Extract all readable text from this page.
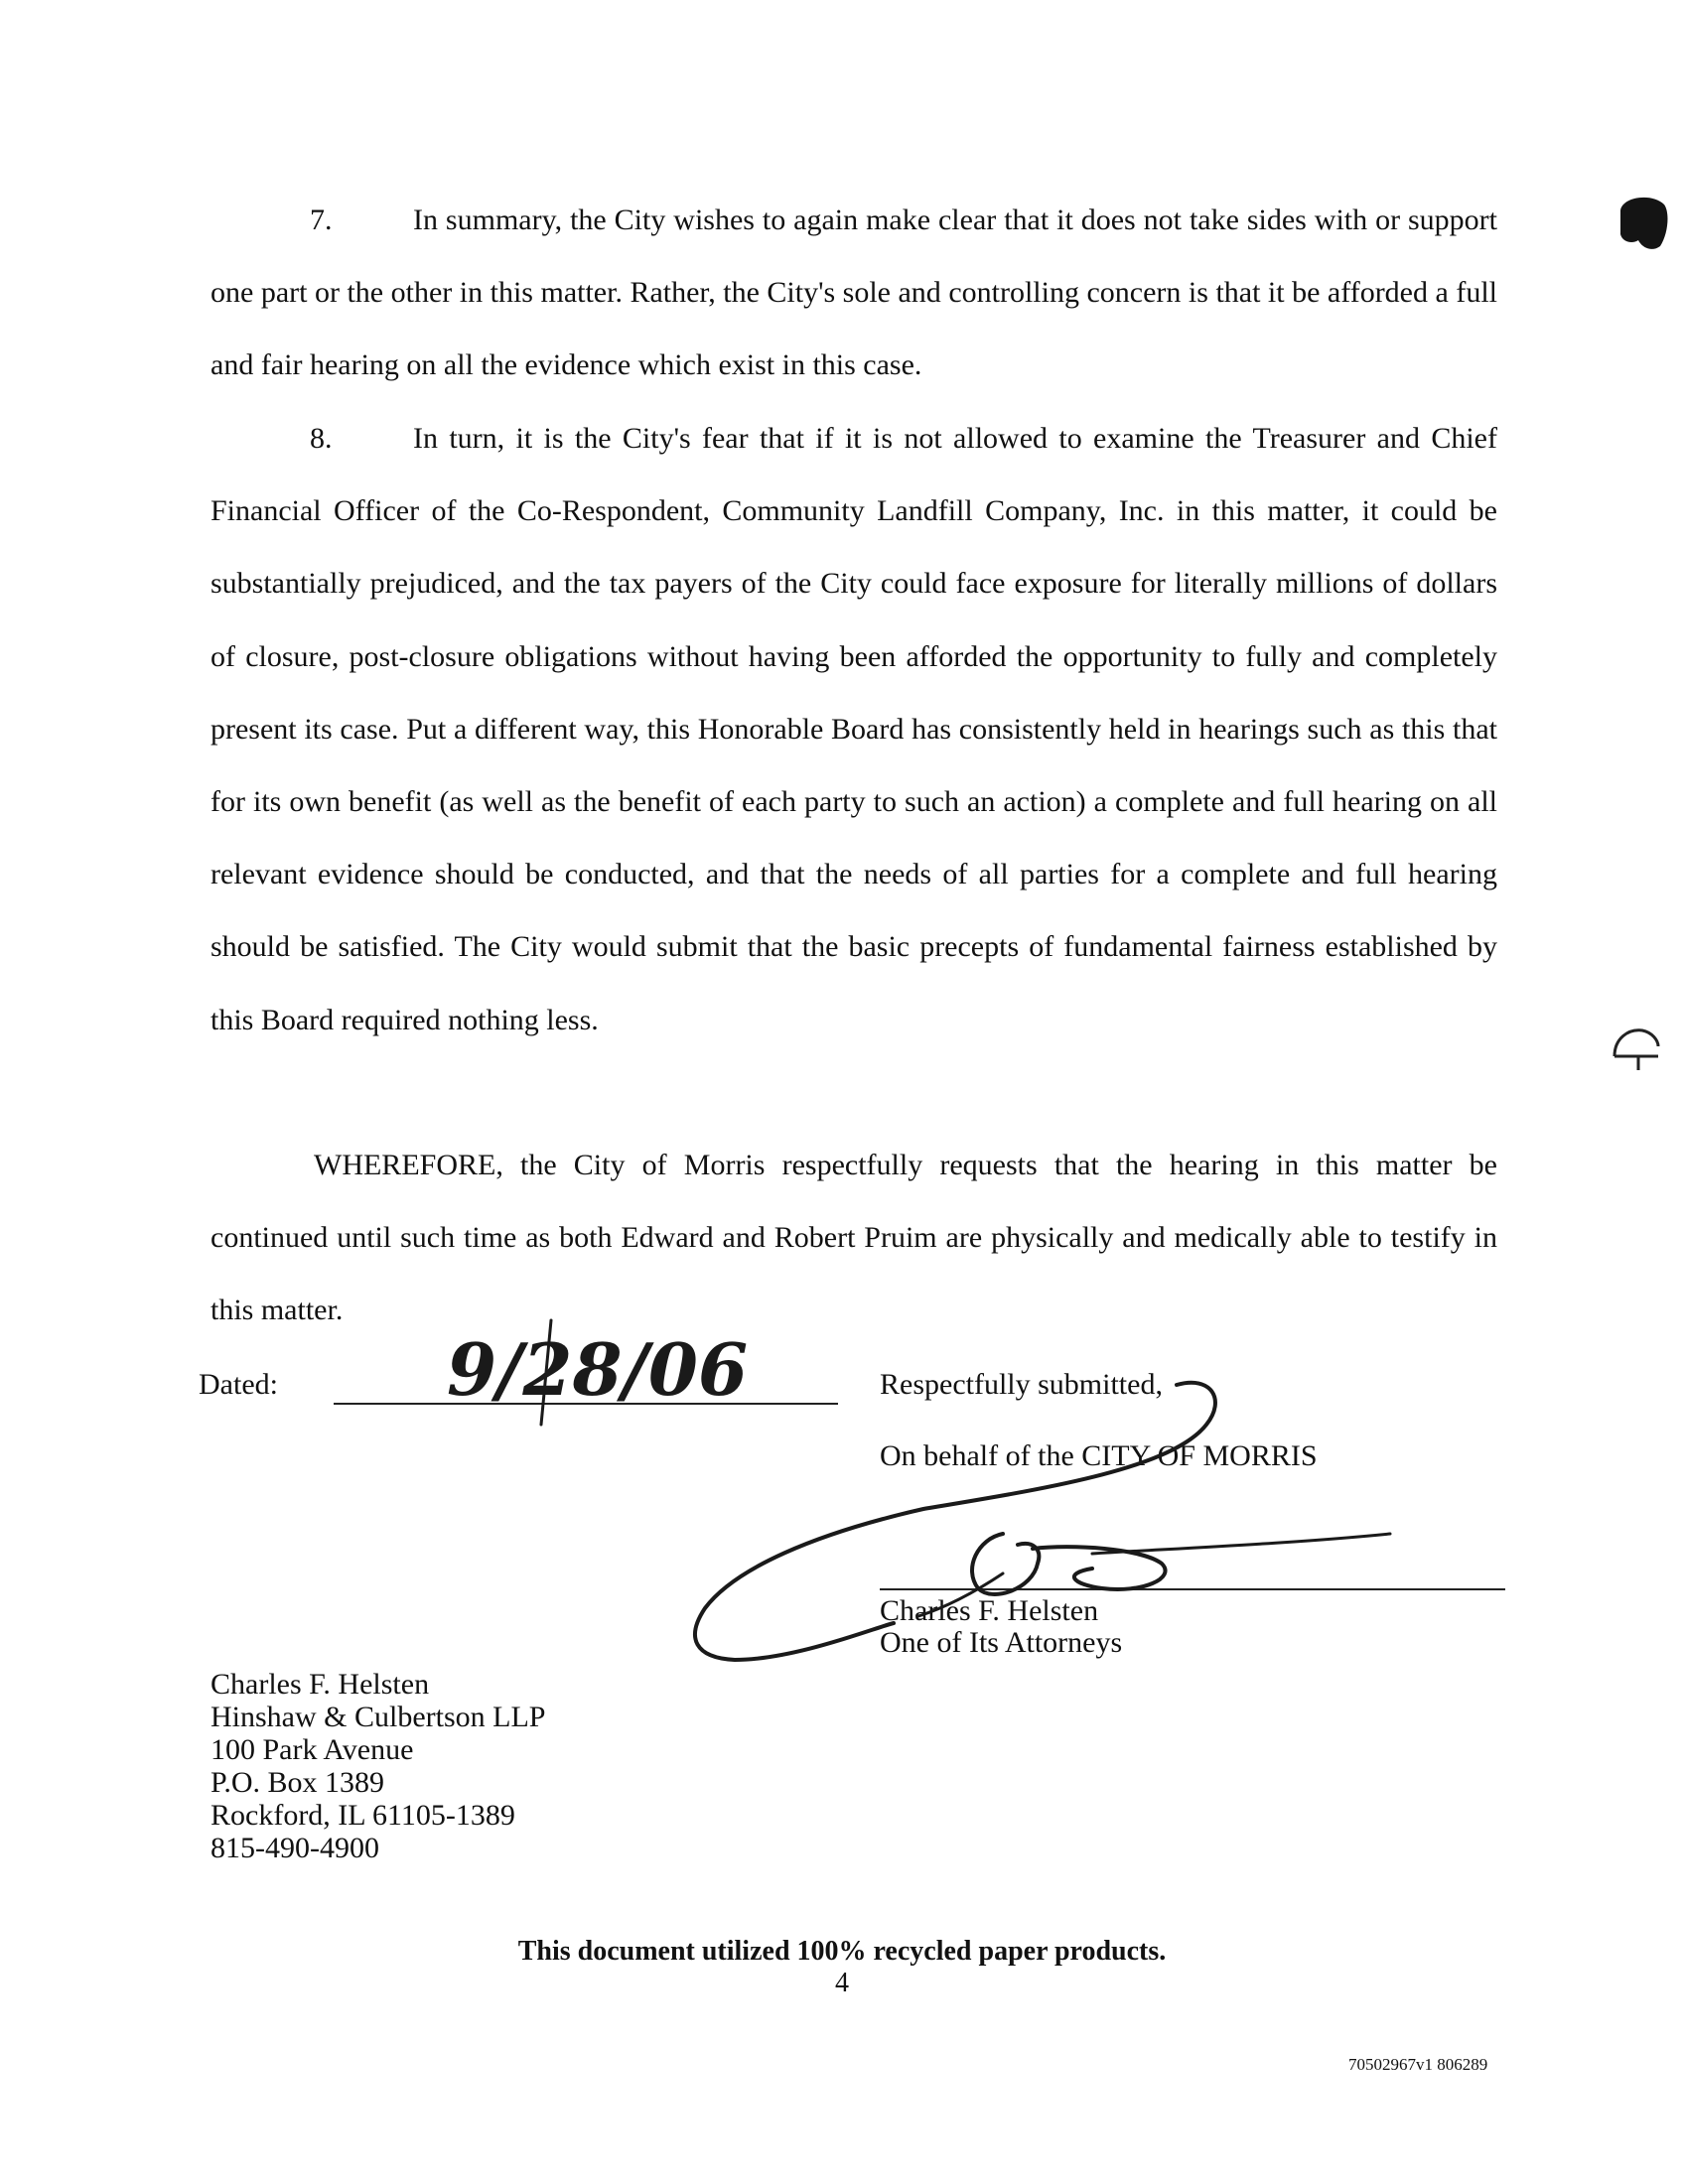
7.	In summary, the City wishes to again make clear that it does not take sides with or support one part or the other in this matter. Rather, the City's sole and controlling concern is that it be afforded a full and fair hearing on all the evidence which exist in this case.

8.	In turn, it is the City's fear that if it is not allowed to examine the Treasurer and Chief Financial Officer of the Co-Respondent, Community Landfill Company, Inc. in this matter, it could be substantially prejudiced, and the tax payers of the City could face exposure for literally millions of dollars of closure, post-closure obligations without having been afforded the opportunity to fully and completely present its case. Put a different way, this Honorable Board has consistently held in hearings such as this that for its own benefit (as well as the benefit of each party to such an action) a complete and full hearing on all relevant evidence should be conducted, and that the needs of all parties for a complete and full hearing should be satisfied. The City would submit that the basic precepts of fundamental fairness established by this Board required nothing less.

WHEREFORE, the City of Morris respectfully requests that the hearing in this matter be continued until such time as both Edward and Robert Pruim are physically and medically able to testify in this matter.

Dated: 9/28/06	Respectfully submitted,
On behalf of the CITY OF MORRIS
Charles F. Helsten
One of Its Attorneys
Charles F. Helsten
Hinshaw & Culbertson LLP
100 Park Avenue
P.O. Box 1389
Rockford, IL 61105-1389
815-490-4900
This document utilized 100% recycled paper products.
4
70502967v1 806289
